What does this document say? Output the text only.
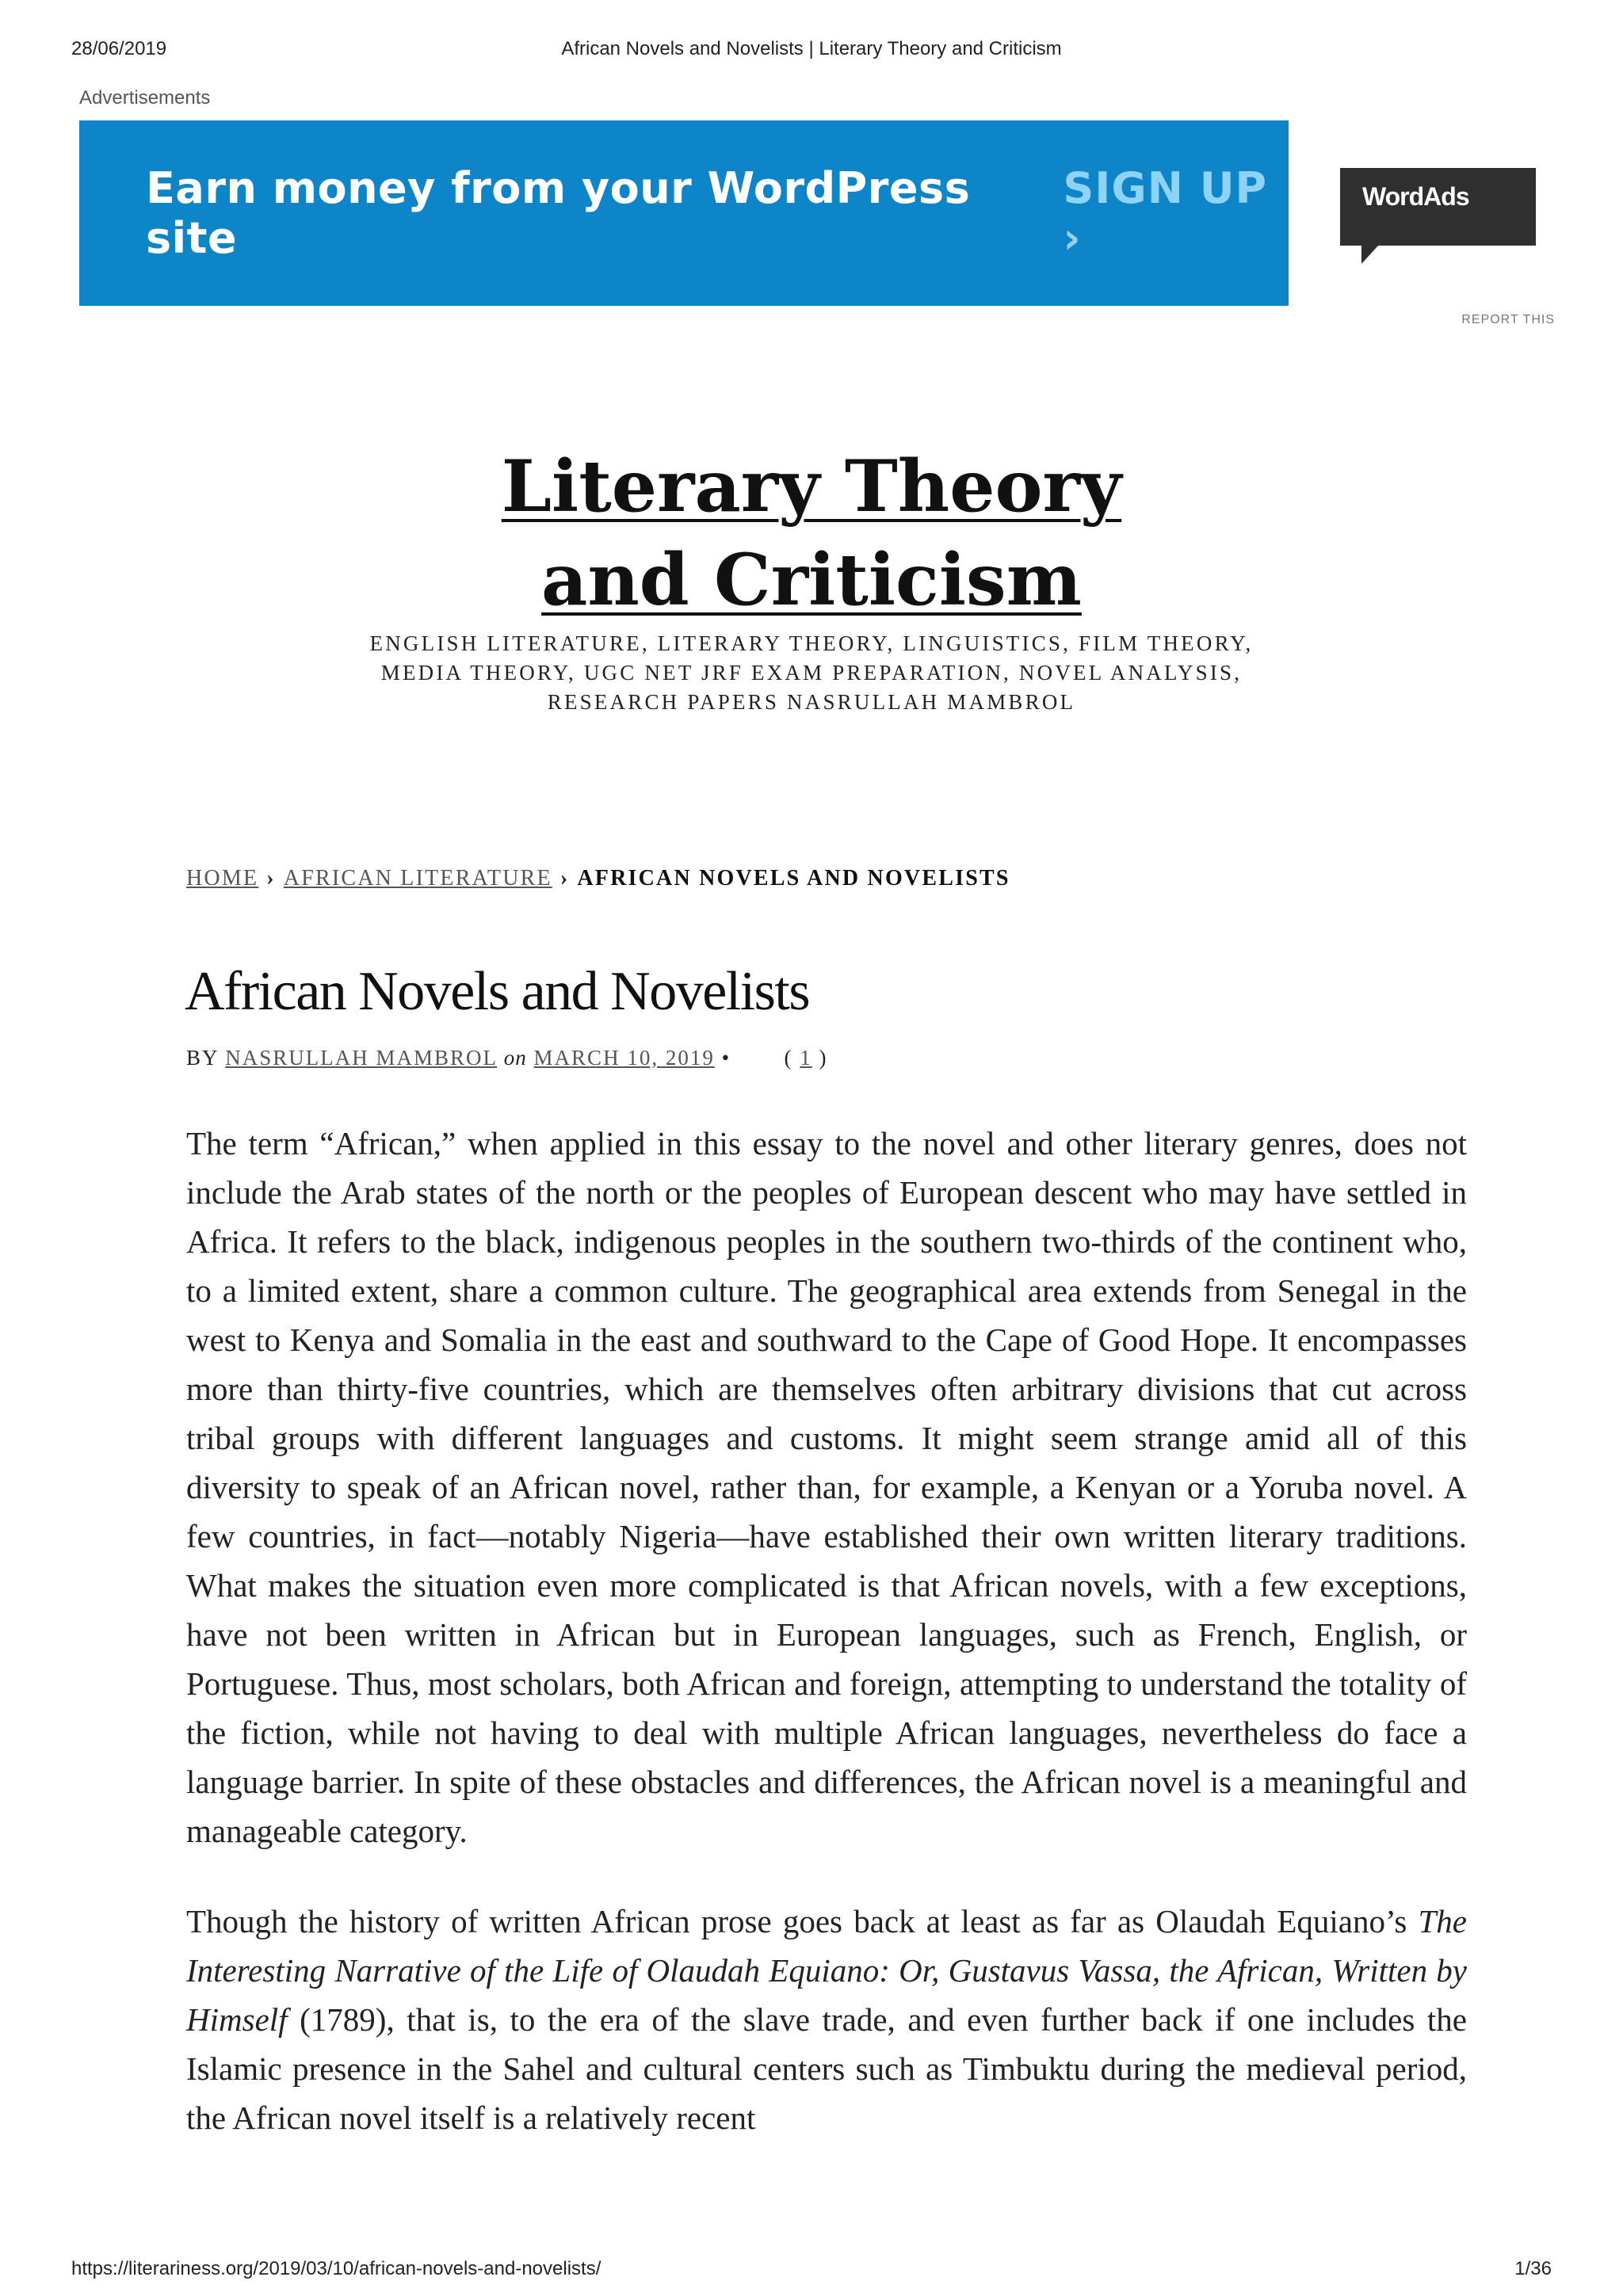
African Novels and Novelists | Literary Theory and Criticism
28/06/2019
Advertisements
Earn money from your WordPress site
SIGN UP ›
WordAds
REPORT THIS
Literary Theory and Criticism
ENGLISH LITERATURE, LITERARY THEORY, LINGUISTICS, FILM THEORY, MEDIA THEORY, UGC NET JRF EXAM PREPARATION, NOVEL ANALYSIS, RESEARCH PAPERS NASRULLAH MAMBROL
HOME › AFRICAN LITERATURE › AFRICAN NOVELS AND NOVELISTS
African Novels and Novelists
BY NASRULLAH MAMBROL on MARCH 10, 2019 •	( 1 )

The term “African,” when applied in this essay to the novel and other literary genres, does not include the Arab states of the north or the peoples of European descent who may have settled in Africa. It refers to the black, indigenous peoples in the southern two-thirds of the continent who, to a limited extent, share a common culture. The geographical area extends from Senegal in the west to Kenya and Somalia in the east and southward to the Cape of Good Hope. It encompasses more than thirty-five countries, which are themselves often arbitrary divisions that cut across tribal groups with different languages and customs. It might seem strange amid all of this diversity to speak of an African novel, rather than, for example, a Kenyan or a Yoruba novel. A few countries, in fact—notably Nigeria—have established their own written literary traditions. What makes the situation even more complicated is that African novels, with a few exceptions, have not been written in African but in European languages, such as French, English, or Portuguese. Thus, most scholars, both African and foreign, attempting to understand the totality of the fiction, while not having to deal with multiple African languages, nevertheless do face a language barrier. In spite of these obstacles and differences, the African novel is a meaningful and manageable category.

Though the history of written African prose goes back at least as far as Olaudah Equiano’s The Interesting Narrative of the Life of Olaudah Equiano: Or, Gustavus Vassa, the African, Written by Himself (1789), that is, to the era of the slave trade, and even further back if one includes the Islamic presence in the Sahel and cultural centers such as Timbuktu during the medieval period, the African novel itself is a relatively recent

https://literariness.org/2019/03/10/african-novels-and-novelists/	1/36
